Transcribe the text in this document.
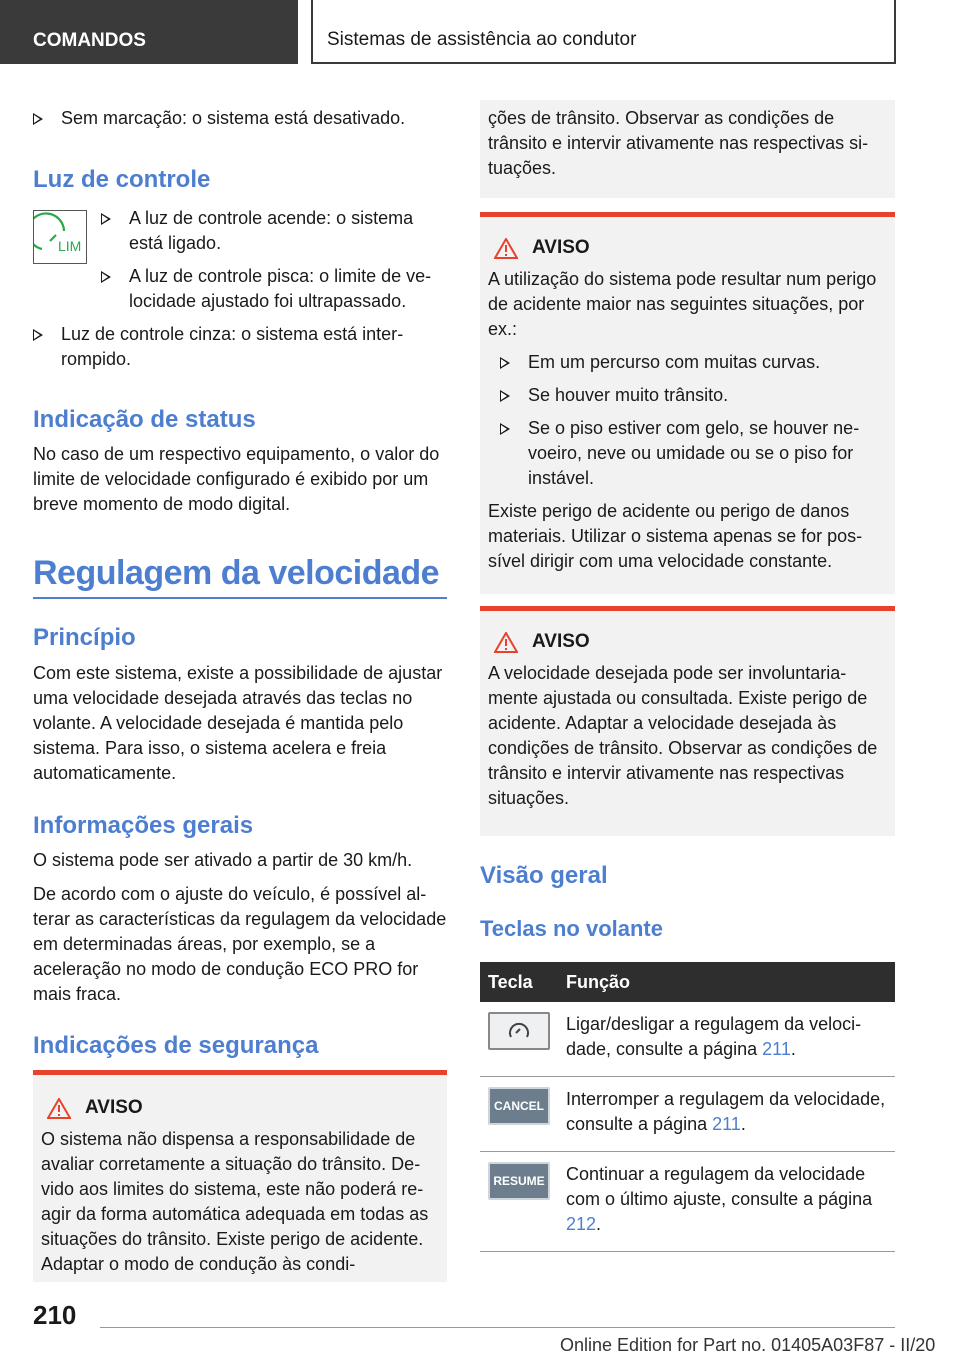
COMANDOS	Sistemas de assistência ao condutor
Sem marcação: o sistema está desativado.
Luz de controle
LIM
A luz de controle acende: o sistema está ligado.
A luz de controle pisca: o limite de velocidade ajustado foi ultrapassado.
Luz de controle cinza: o sistema está interrompido.
Indicação de status
No caso de um respectivo equipamento, o valor do limite de velocidade configurado é exibido por um breve momento de modo digital.
Regulagem da velocidade
Princípio
Com este sistema, existe a possibilidade de ajustar uma velocidade desejada através das teclas no volante. A velocidade desejada é mantida pelo sistema. Para isso, o sistema acelera e freia automaticamente.
Informações gerais
O sistema pode ser ativado a partir de 30 km/h.
De acordo com o ajuste do veículo, é possível alterar as características da regulagem da velocidade em determinadas áreas, por exemplo, se a aceleração no modo de condução ECO PRO for mais fraca.
Indicações de segurança
AVISO
O sistema não dispensa a responsabilidade de avaliar corretamente a situação do trânsito. Devido aos limites do sistema, este não poderá reagir da forma automática adequada em todas as situações do trânsito. Existe perigo de acidente. Adaptar o modo de condução às condi-
ções de trânsito. Observar as condições de trânsito e intervir ativamente nas respectivas situações.
AVISO
A utilização do sistema pode resultar num perigo de acidente maior nas seguintes situações, por ex.:
Em um percurso com muitas curvas.
Se houver muito trânsito.
Se o piso estiver com gelo, se houver nevoeiro, neve ou umidade ou se o piso for instável.
Existe perigo de acidente ou perigo de danos materiais. Utilizar o sistema apenas se for possível dirigir com uma velocidade constante.
AVISO
A velocidade desejada pode ser involuntariamente ajustada ou consultada. Existe perigo de acidente. Adaptar a velocidade desejada às condições de trânsito. Observar as condições de trânsito e intervir ativamente nas respectivas situações.
Visão geral
Teclas no volante
Tecla	Função

	Ligar/desligar a regulagem da velocidade, consulte a página 211.

CANCEL	Interromper a regulagem da velocidade, consulte a página 211.

RESUME	Continuar a regulagem da velocidade com o último ajuste, consulte a página 212.
210
Online Edition for Part no. 01405A03F87 - II/20
